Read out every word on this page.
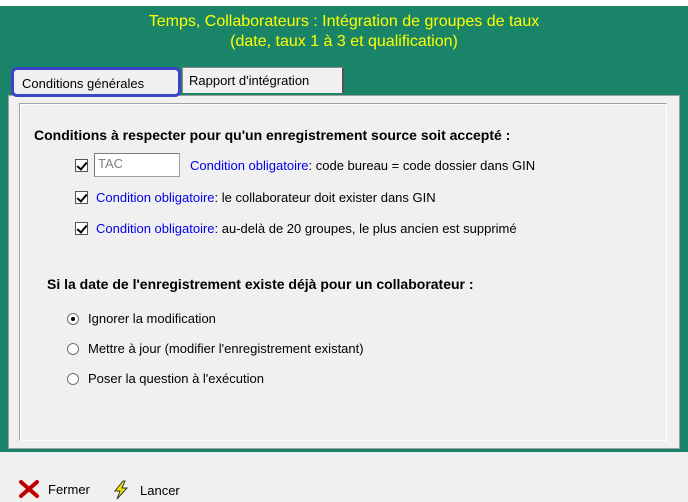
Temps, Collaborateurs : Intégration de groupes de taux
(date, taux 1 à 3 et qualification)
Conditions générales	Rapport d'intégration
Conditions à respecter pour qu'un enregistrement source soit accepté :
TAC	Condition obligatoire : code bureau = code dossier dans GIN
Condition obligatoire : le collaborateur doit exister dans GIN
Condition obligatoire : au-delà de 20 groupes, le plus ancien est supprimé
Si la date de l'enregistrement existe déjà pour un collaborateur :
Ignorer la modification
Mettre à jour (modifier l'enregistrement existant)
Poser la question à l'exécution
Fermer	Lancer
